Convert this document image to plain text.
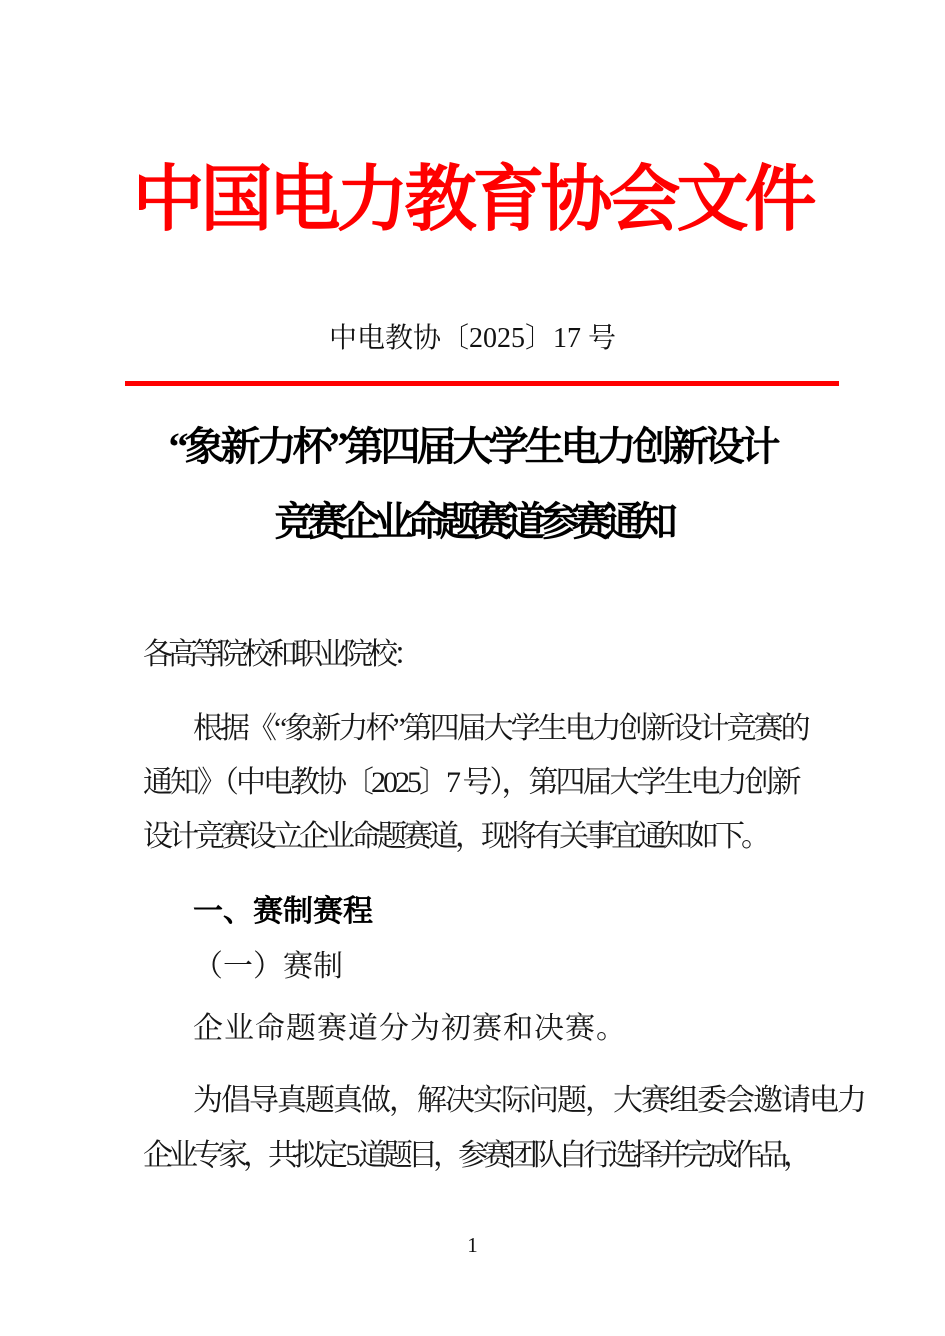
中国电力教育协会文件
中电教协〔2025〕17 号
“象新力杯”第四届大学生电力创新设计
竞赛企业命题赛道参赛通知
各高等院校和职业院校：
根据《“象新力杯”第四届大学生电力创新设计竞赛的
通知》（中电教协〔2025〕7 号），第四届大学生电力创新
设计竞赛设立企业命题赛道，现将有关事宜通知如下。
一、赛制赛程
（一）赛制
企业命题赛道分为初赛和决赛。
为倡导真题真做，解决实际问题，大赛组委会邀请电力
企业专家，共拟定 5 道题目，参赛团队自行选择并完成作品，
1
